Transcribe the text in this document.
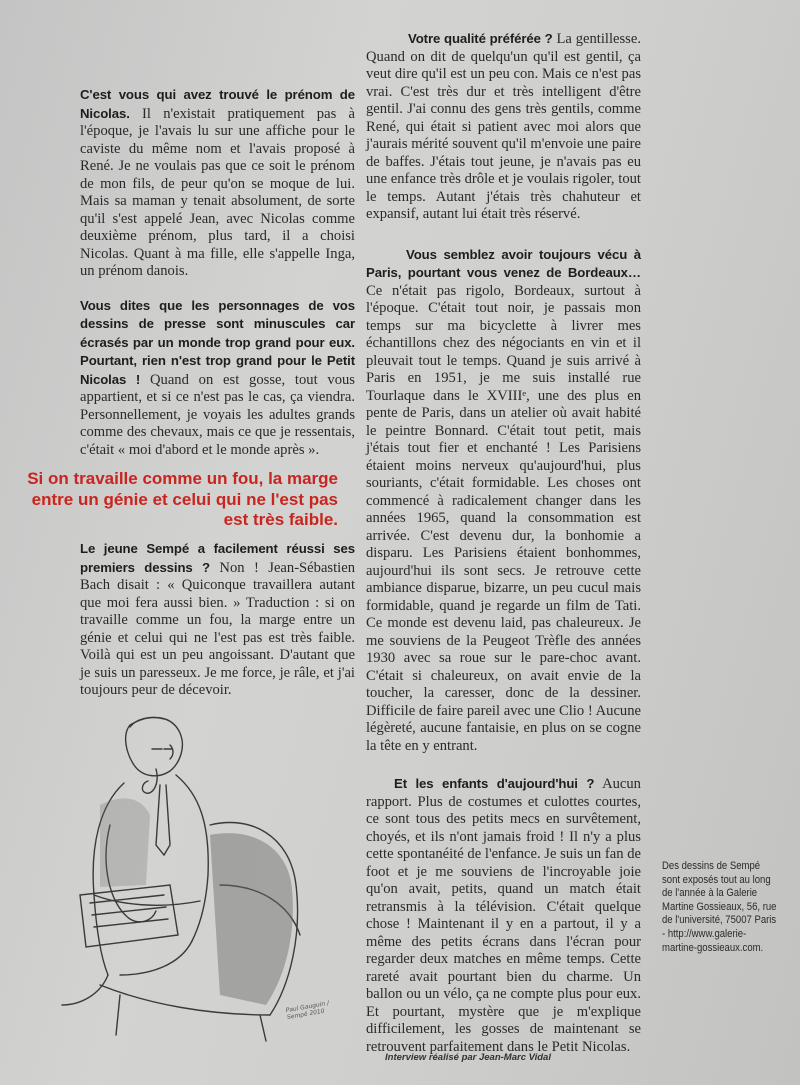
C'est vous qui avez trouvé le prénom de Nicolas. Il n'existait pratiquement pas à l'époque, je l'avais lu sur une affiche pour le caviste du même nom et l'avais proposé à René. Je ne voulais pas que ce soit le prénom de mon fils, de peur qu'on se moque de lui. Mais sa maman y tenait absolument, de sorte qu'il s'est appelé Jean, avec Nicolas comme deuxième prénom, plus tard, il a choisi Nicolas. Quant à ma fille, elle s'appelle Inga, un prénom danois.

Vous dites que les personnages de vos dessins de presse sont minuscules car écrasés par un monde trop grand pour eux. Pourtant, rien n'est trop grand pour le Petit Nicolas ! Quand on est gosse, tout vous appartient, et si ce n'est pas le cas, ça viendra. Personnellement, je voyais les adultes grands comme des chevaux, mais ce que je ressentais, c'était « moi d'abord et le monde après ».

Si on travaille comme un fou, la marge entre un génie et celui qui ne l'est pas est très faible.

Le jeune Sempé a facilement réussi ses premiers dessins ? Non ! Jean-Sébastien Bach disait : « Quiconque travaillera autant que moi fera aussi bien. » Traduction : si on travaille comme un fou, la marge entre un génie et celui qui ne l'est pas est très faible. Voilà qui est un peu angoissant. D'autant que je suis un paresseux. Je me force, je râle, et j'ai toujours peur de décevoir.

Paul Gauguin / Sempé 2010

Votre qualité préférée ? La gentillesse. Quand on dit de quelqu'un qu'il est gentil, ça veut dire qu'il est un peu con. Mais ce n'est pas vrai. C'est très dur et très intelligent d'être gentil. J'ai connu des gens très gentils, comme René, qui était si patient avec moi alors que j'aurais mérité souvent qu'il m'envoie une paire de baffes. J'étais tout jeune, je n'avais pas eu une enfance très drôle et je voulais rigoler, tout le temps. Autant j'étais très chahuteur et expansif, autant lui était très réservé.

Vous semblez avoir toujours vécu à Paris, pourtant vous venez de Bordeaux… Ce n'était pas rigolo, Bordeaux, surtout à l'époque. C'était tout noir, je passais mon temps sur ma bicyclette à livrer mes échantillons chez des négociants en vin et il pleuvait tout le temps. Quand je suis arrivé à Paris en 1951, je me suis installé rue Tourlaque dans le XVIIIᵉ, une des plus en pente de Paris, dans un atelier où avait habité le peintre Bonnard. C'était tout petit, mais j'étais tout fier et enchanté ! Les Parisiens étaient moins nerveux qu'aujourd'hui, plus souriants, c'était formidable. Les choses ont commencé à radicalement changer dans les années 1965, quand la consommation est arrivée. C'est devenu dur, la bonhomie a disparu. Les Parisiens étaient bonhommes, aujourd'hui ils sont secs. Je retrouve cette ambiance disparue, bizarre, un peu cucul mais formidable, quand je regarde un film de Tati. Ce monde est devenu laid, pas chaleureux. Je me souviens de la Peugeot Trèfle des années 1930 avec sa roue sur le pare-choc avant. C'était si chaleureux, on avait envie de la toucher, la caresser, donc de la dessiner. Difficile de faire pareil avec une Clio ! Aucune légèreté, aucune fantaisie, en plus on se cogne la tête en y entrant.

Et les enfants d'aujourd'hui ? Aucun rapport. Plus de costumes et culottes courtes, ce sont tous des petits mecs en survêtement, choyés, et ils n'ont jamais froid ! Il n'y a plus cette spontanéité de l'enfance. Je suis un fan de foot et je me souviens de l'incroyable joie qu'on avait, petits, quand un match était retransmis à la télévision. C'était quelque chose ! Maintenant il y en a partout, il y a même des petits écrans dans l'écran pour regarder deux matches en même temps. Cette rareté avait pourtant bien du charme. Un ballon ou un vélo, ça ne compte plus pour eux. Et pourtant, mystère que je m'explique difficilement, les gosses de maintenant se retrouvent parfaitement dans le Petit Nicolas.

Des dessins de Sempé sont exposés tout au long de l'année à la Galerie Martine Gossieaux, 56, rue de l'université, 75007 Paris - http://www.galerie-martine-gossieaux.com.
Interview réalisé par Jean-Marc Vidal
